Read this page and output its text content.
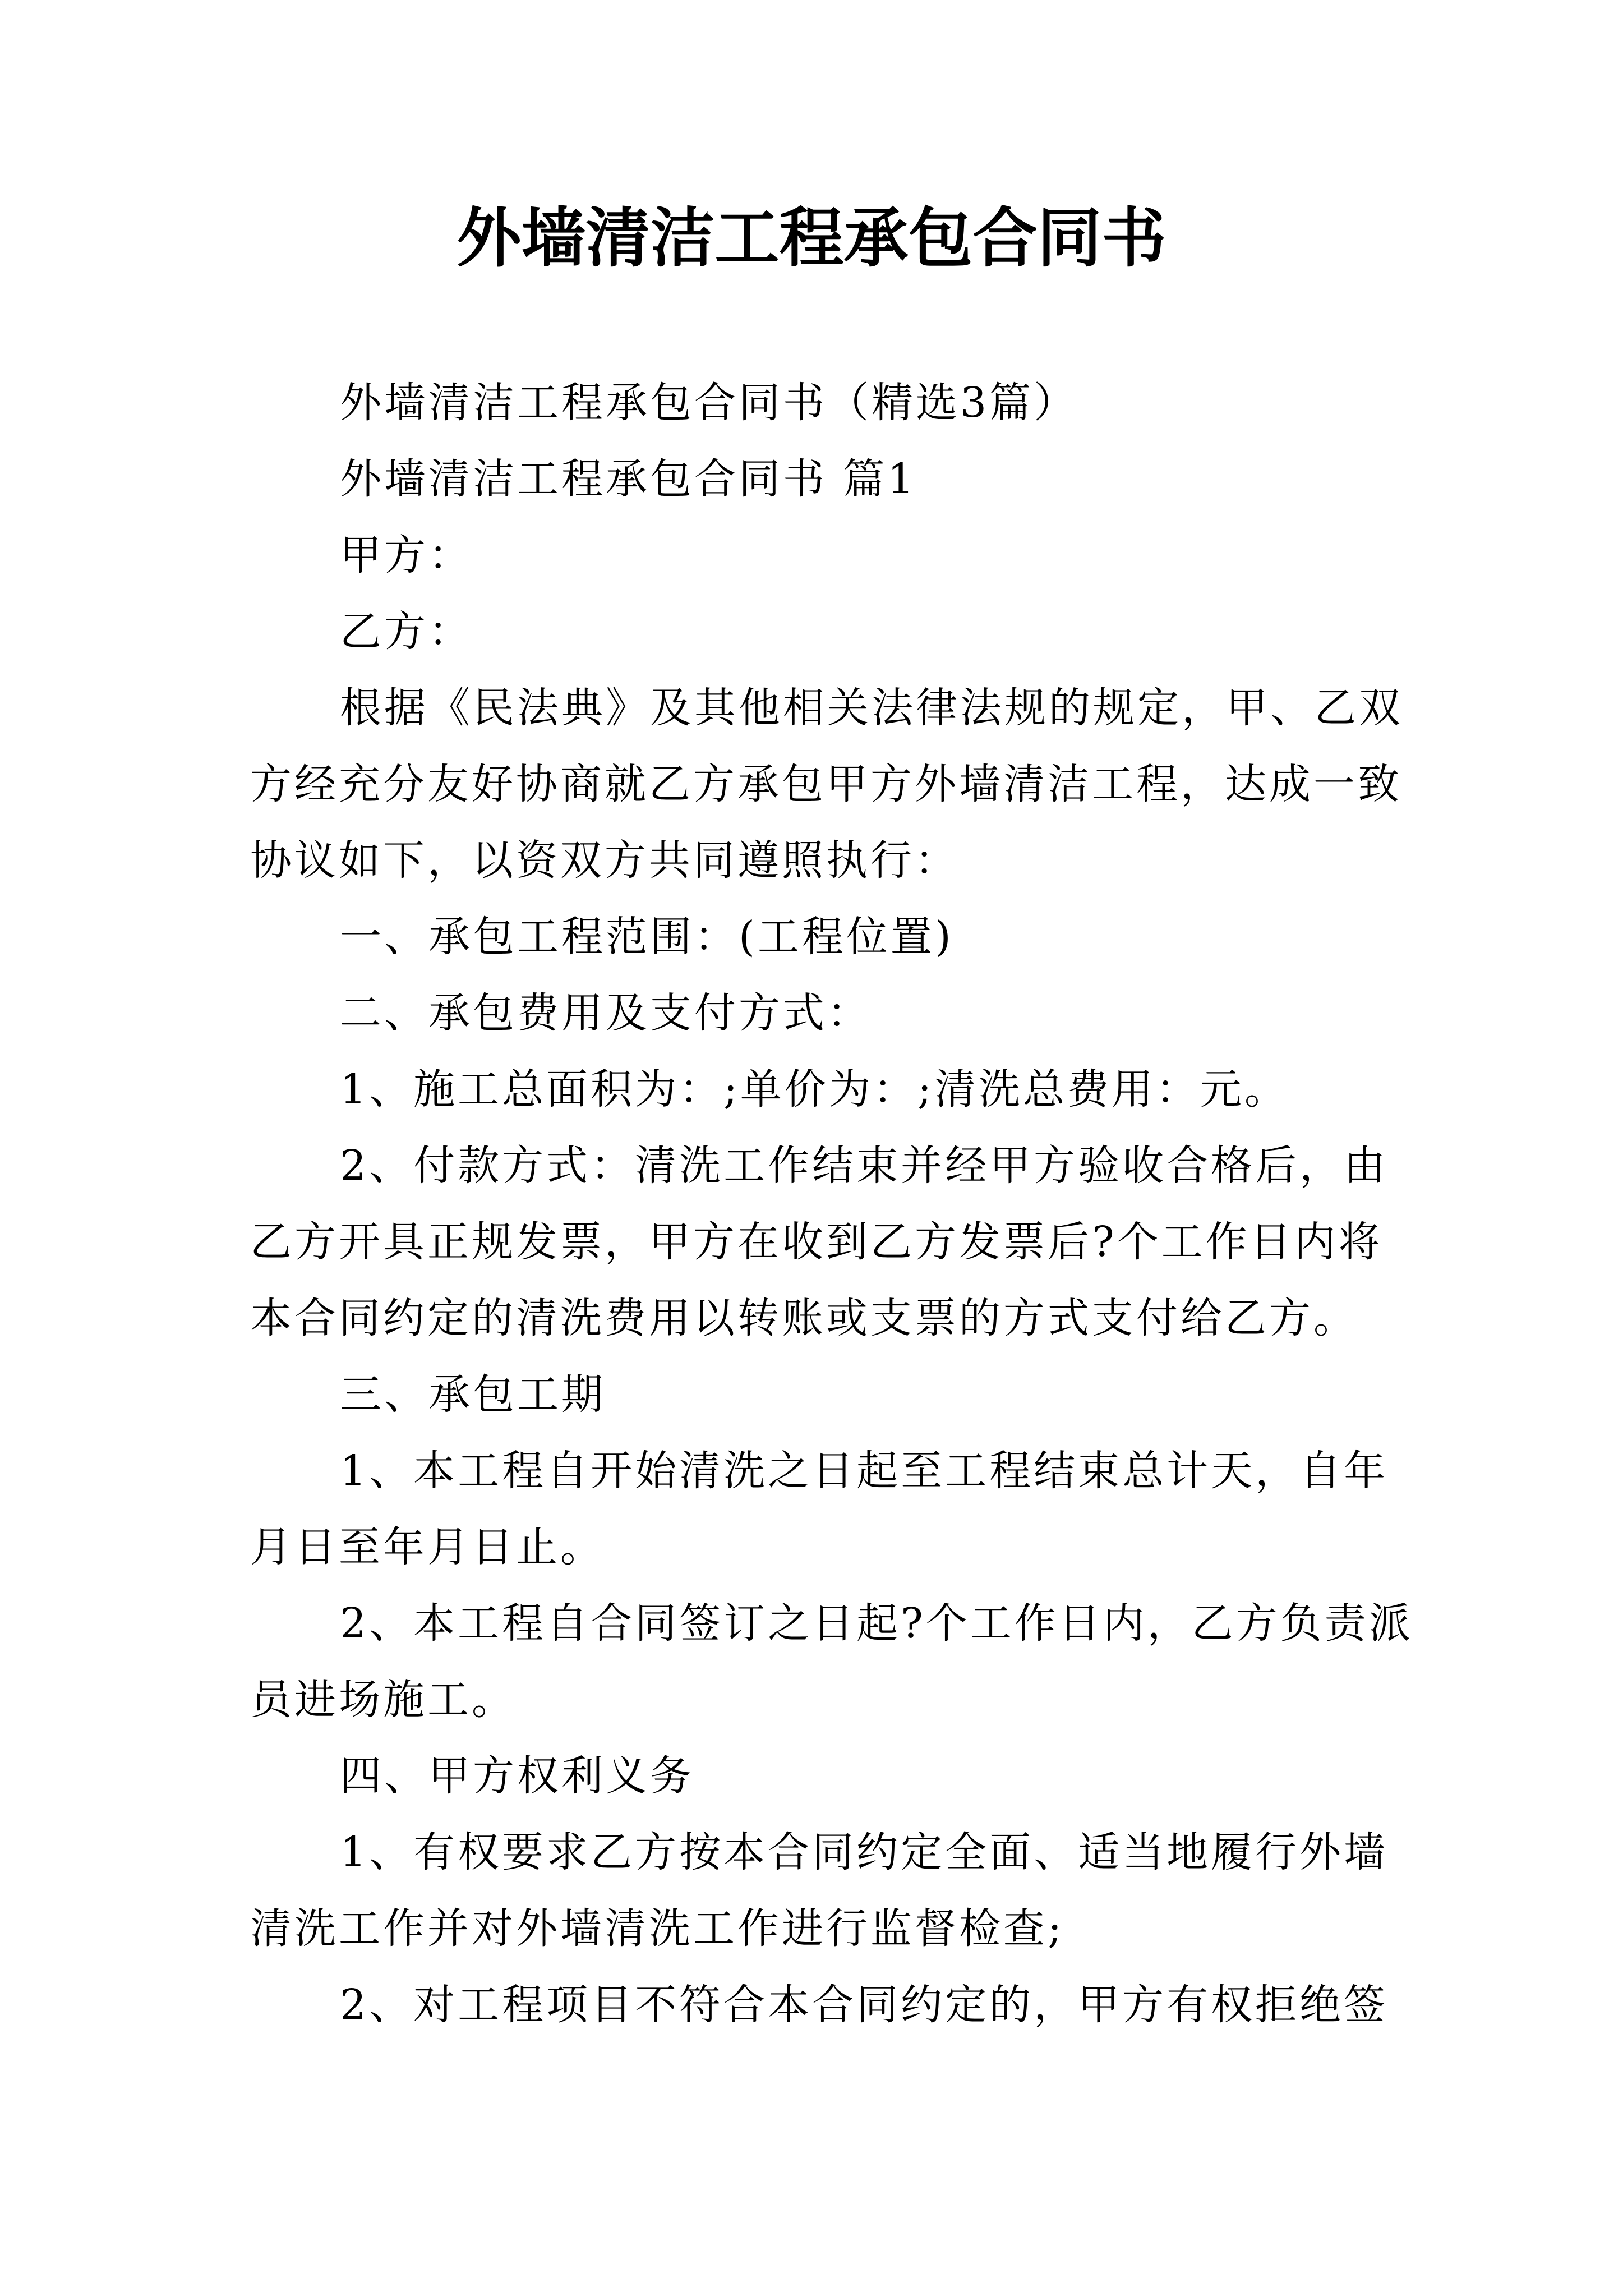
外墙清洁工程承包合同书
外墙清洁工程承包合同书（精选3篇）
外墙清洁工程承包合同书 篇1
甲方：
乙方：
根据《民法典》及其他相关法律法规的规定，甲、乙双
方经充分友好协商就乙方承包甲方外墙清洁工程，达成一致
协议如下，以资双方共同遵照执行：
一、承包工程范围：(工程位置)
二、承包费用及支付方式：
1、施工总面积为：;单价为：;清洗总费用：元。
2、付款方式：清洗工作结束并经甲方验收合格后，由
乙方开具正规发票，甲方在收到乙方发票后?个工作日内将
本合同约定的清洗费用以转账或支票的方式支付给乙方。
三、承包工期
1、本工程自开始清洗之日起至工程结束总计天，自年
月日至年月日止。
2、本工程自合同签订之日起?个工作日内，乙方负责派
员进场施工。
四、甲方权利义务
1、有权要求乙方按本合同约定全面、适当地履行外墙
清洗工作并对外墙清洗工作进行监督检查;
2、对工程项目不符合本合同约定的，甲方有权拒绝签
